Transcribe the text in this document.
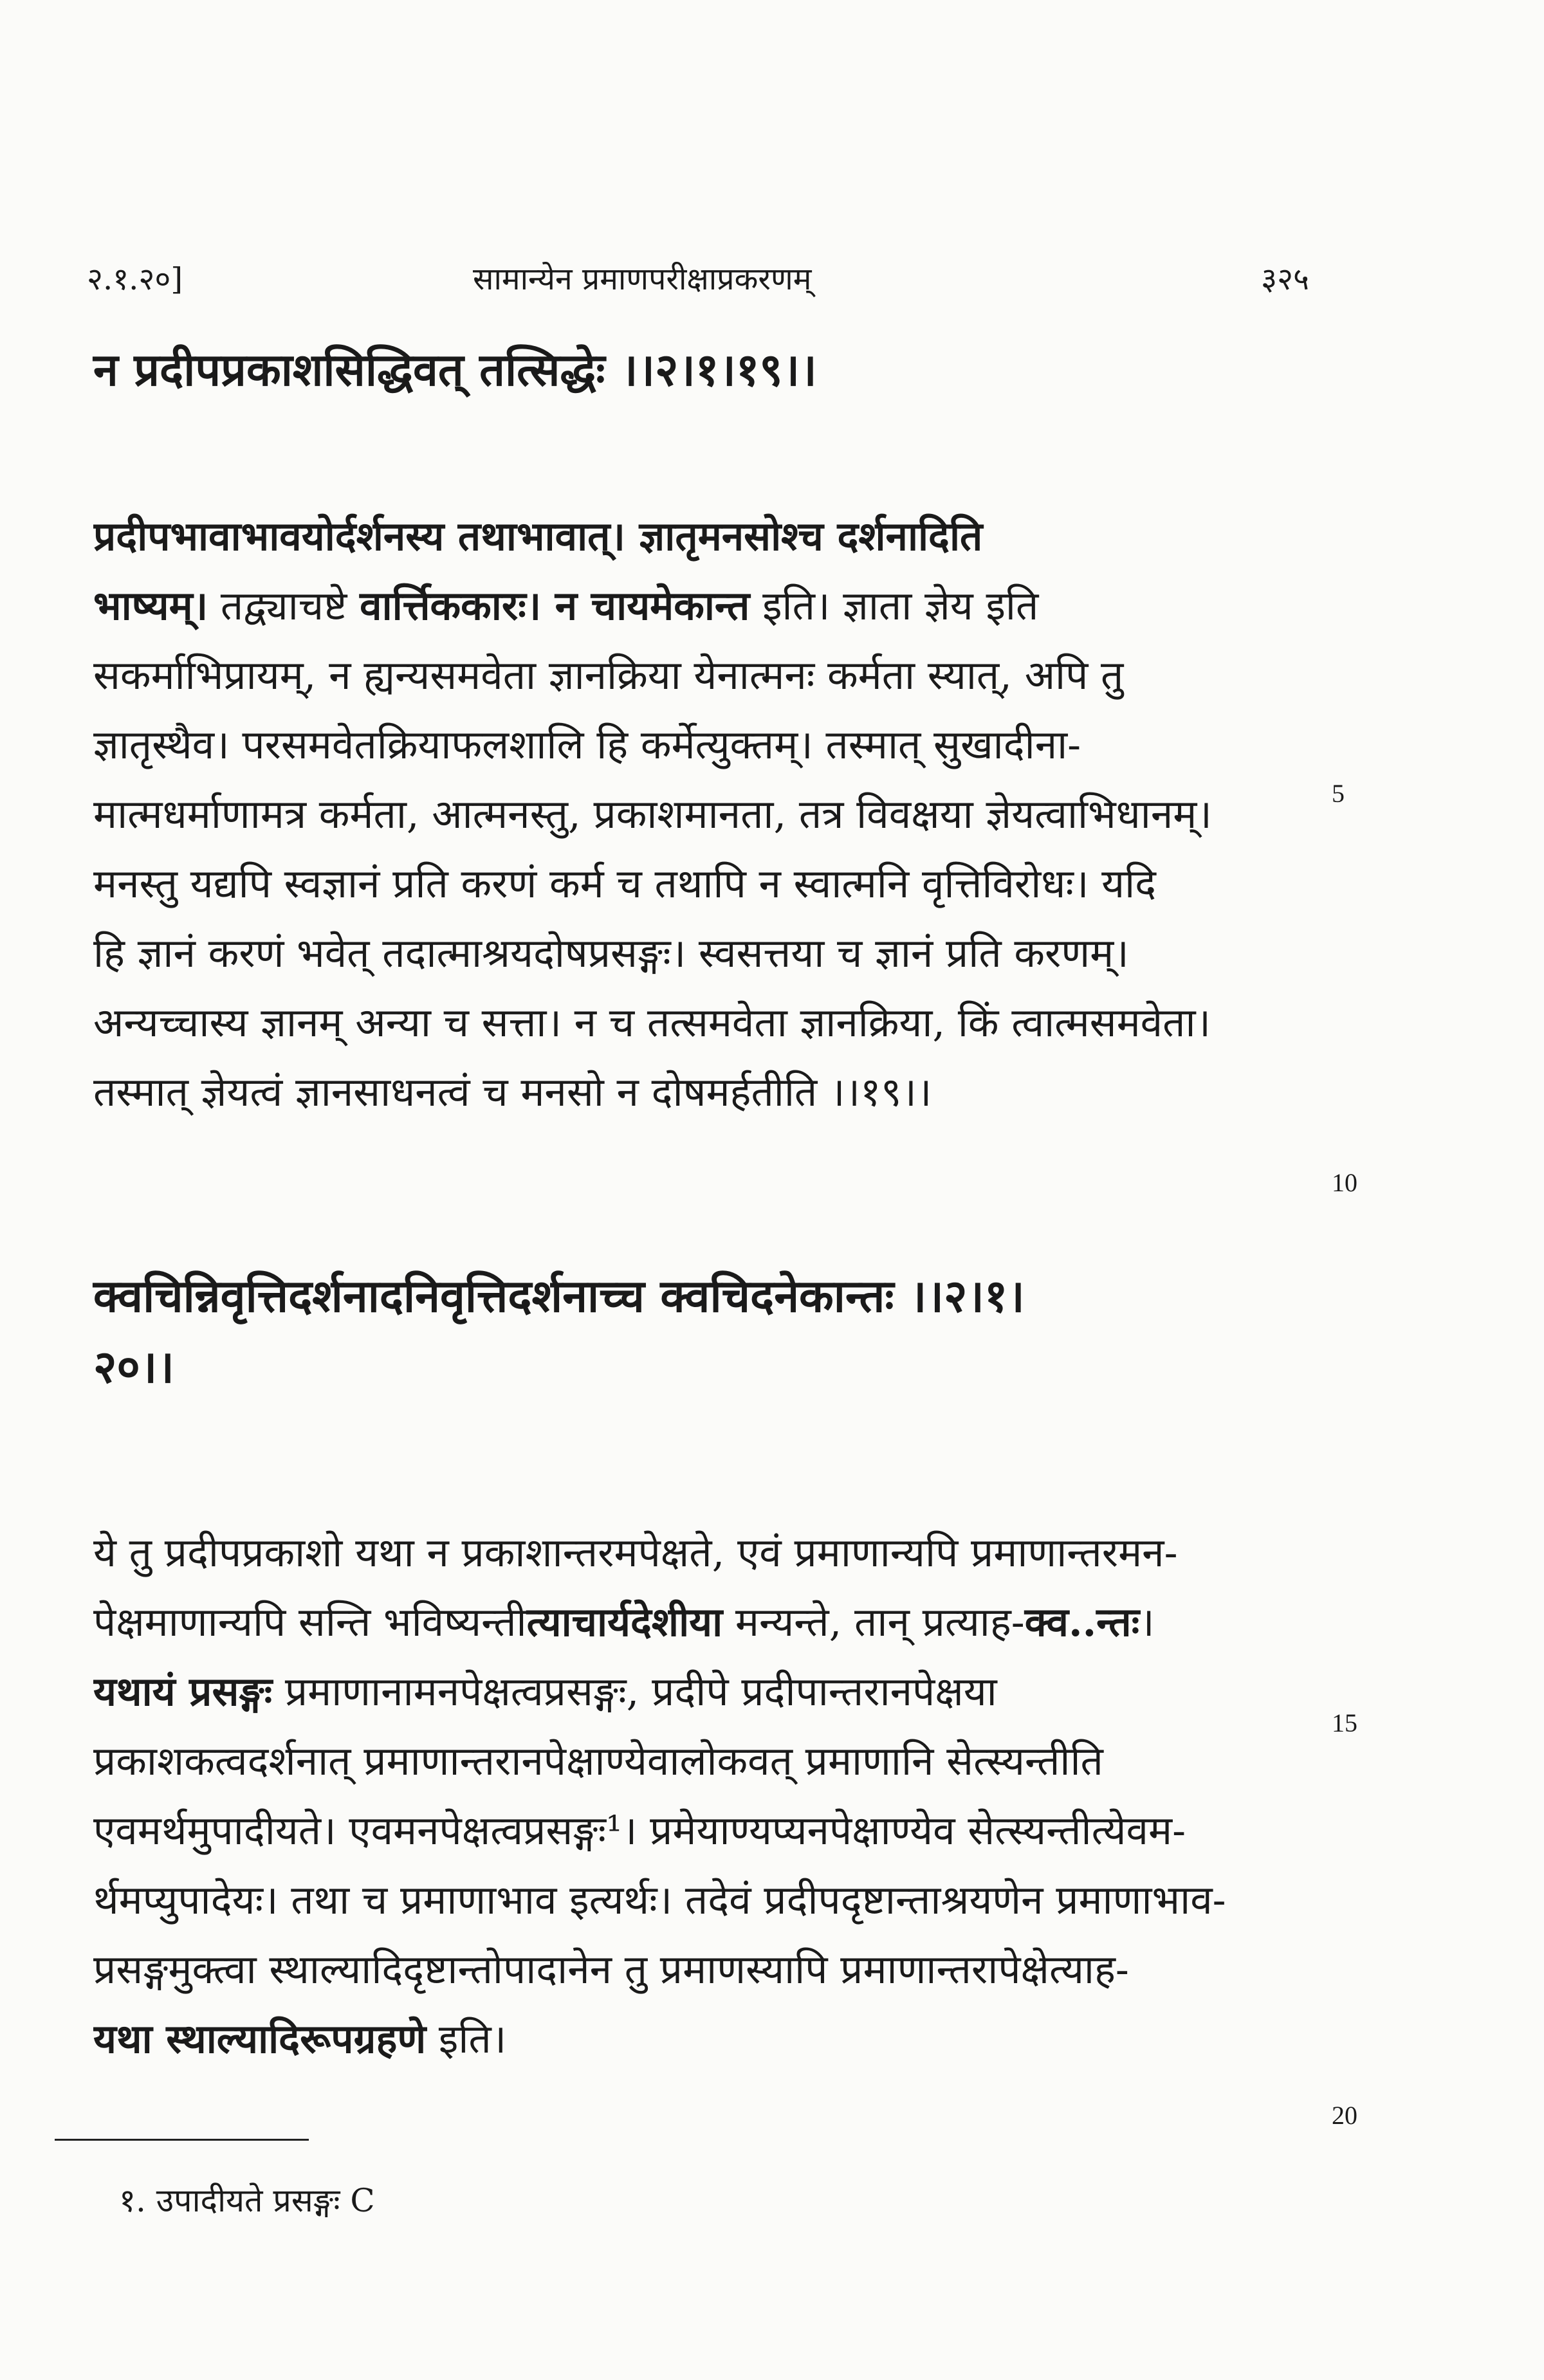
२.१.२०]	सामान्येन प्रमाणपरीक्षाप्रकरणम्	३२५
न प्रदीपप्रकाशसिद्धिवत् तत्सिद्धेः ।।२।१।१९।।
प्रदीपभावाभावयोर्दर्शनस्य तथाभावात्। ज्ञातृमनसोश्च दर्शनादिति
भाष्यम्। तद्व्याचष्टे वार्त्तिककारः। न चायमेकान्त इति। ज्ञाता ज्ञेय इति
सकर्माभिप्रायम्, न ह्यन्यसमवेता ज्ञानक्रिया येनात्मनः कर्मता स्यात्, अपि तु
ज्ञातृस्थैव। परसमवेतक्रियाफलशालि हि कर्मेत्युक्तम्। तस्मात् सुखादीना-
मात्मधर्माणामत्र कर्मता, आत्मनस्तु, प्रकाशमानता, तत्र विवक्षया ज्ञेयत्वाभिधानम्।
मनस्तु यद्यपि स्वज्ञानं प्रति करणं कर्म च तथापि न स्वात्मनि वृत्तिविरोधः। यदि
हि ज्ञानं करणं भवेत् तदात्माश्रयदोषप्रसङ्गः। स्वसत्तया च ज्ञानं प्रति करणम्।
अन्यच्चास्य ज्ञानम् अन्या च सत्ता। न च तत्समवेता ज्ञानक्रिया, किं त्वात्मसमवेता।
तस्मात् ज्ञेयत्वं ज्ञानसाधनत्वं च मनसो न दोषमर्हतीति ।।१९।।
क्वचिन्निवृत्तिदर्शनादनिवृत्तिदर्शनाच्च क्वचिदनेकान्तः ।।२।१।
२०।।
ये तु प्रदीपप्रकाशो यथा न प्रकाशान्तरमपेक्षते, एवं प्रमाणान्यपि प्रमाणान्तरमन-
पेक्षमाणान्यपि सन्ति भविष्यन्तीत्याचार्यदेशीया मन्यन्ते, तान् प्रत्याह-क्व..न्तः।
यथायं प्रसङ्गः प्रमाणानामनपेक्षत्वप्रसङ्गः, प्रदीपे प्रदीपान्तरानपेक्षया
प्रकाशकत्वदर्शनात् प्रमाणान्तरानपेक्षाण्येवालोकवत् प्रमाणानि सेत्स्यन्तीति
एवमर्थमुपादीयते। एवमनपेक्षत्वप्रसङ्गः¹। प्रमेयाण्यप्यनपेक्षाण्येव सेत्स्यन्तीत्येवम-
र्थमप्युपादेयः। तथा च प्रमाणाभाव इत्यर्थः। तदेवं प्रदीपदृष्टान्ताश्रयणेन प्रमाणाभाव-
प्रसङ्गमुक्त्वा स्थाल्यादिदृष्टान्तोपादानेन तु प्रमाणस्यापि प्रमाणान्तरापेक्षेत्याह-
यथा स्थाल्यादिरूपग्रहणे इति।
5
10
15
20
१. उपादीयते प्रसङ्गः C
